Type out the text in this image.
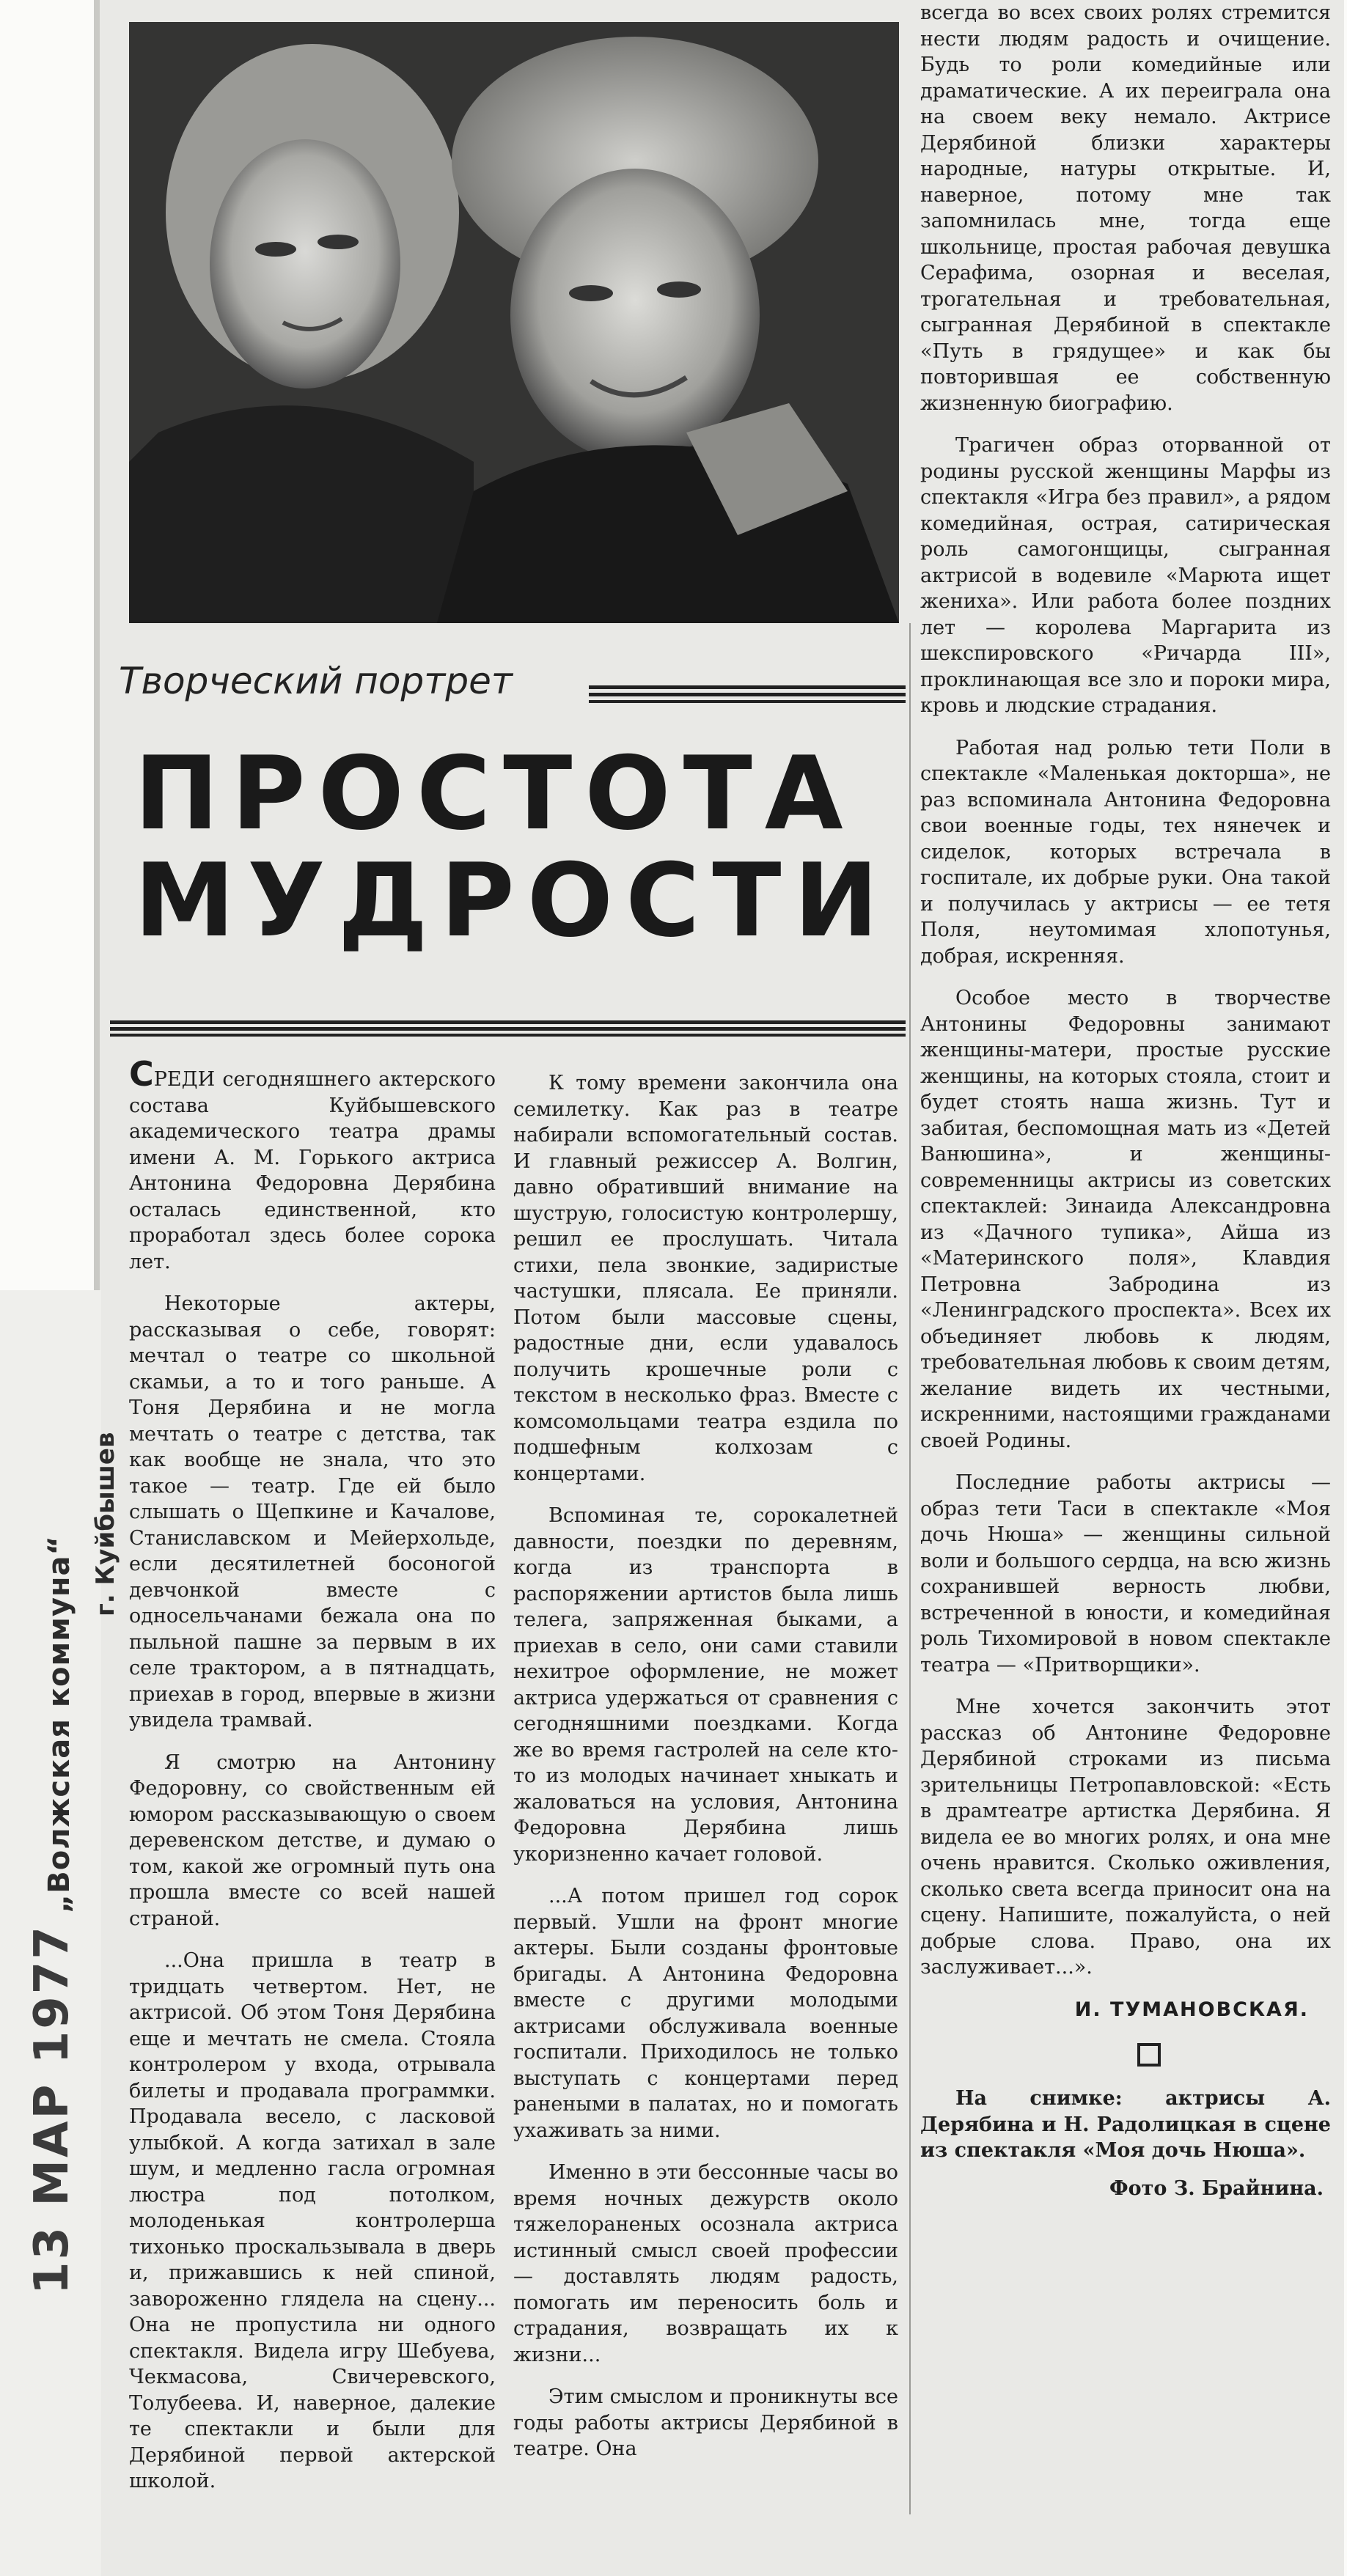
„Волжская коммуна“
г. Куйбышев
13 МАР 1977
Творческий портрет
ПРОСТОТА
МУДРОСТИ

СРЕДИ сегодняшнего актерского состава Куйбышевского академического театра драмы имени А. М. Горького актриса Антонина Федоровна Дерябина осталась единственной, кто проработал здесь более сорока лет.

Некоторые актеры, рассказывая о себе, говорят: мечтал о театре со школьной скамьи, а то и того раньше. А Тоня Дерябина и не могла мечтать о театре с детства, так как вообще не знала, что это такое — театр. Где ей было слышать о Щепкине и Качалове, Станиславском и Мейерхольде, если десятилетней босоногой девчонкой вместе с односельчанами бежала она по пыльной пашне за первым в их селе трактором, а в пятнадцать, приехав в город, впервые в жизни увидела трамвай.

Я смотрю на Антонину Федоровну, со свойственным ей юмором рассказывающую о своем деревенском детстве, и думаю о том, какой же огромный путь она прошла вместе со всей нашей страной.

...Она пришла в театр в тридцать четвертом. Нет, не актрисой. Об этом Тоня Дерябина еще и мечтать не смела. Стояла контролером у входа, отрывала билеты и продавала программки. Продавала весело, с ласковой улыбкой. А когда затихал в зале шум, и медленно гасла огромная люстра под потолком, молоденькая контролерша тихонько проскальзывала в дверь и, прижавшись к ней спиной, завороженно глядела на сцену... Она не пропустила ни одного спектакля. Видела игру Шебуева, Чекмасова, Свичеревского, Толубеева. И, наверное, далекие те спектакли и были для Дерябиной первой актерской школой.

К тому времени закончила она семилетку. Как раз в театре набирали вспомогательный состав. И главный режиссер А. Волгин, давно обративший внимание на шуструю, голосистую контролершу, решил ее прослушать. Читала стихи, пела звонкие, задиристые частушки, плясала. Ее приняли. Потом были массовые сцены, радостные дни, если удавалось получить крошечные роли с текстом в несколько фраз. Вместе с комсомольцами театра ездила по подшефным колхозам с концертами.

Вспоминая те, сорокалетней давности, поездки по деревням, когда из транспорта в распоряжении артистов была лишь телега, запряженная быками, а приехав в село, они сами ставили нехитрое оформление, не может актриса удержаться от сравнения с сегодняшними поездками. Когда же во время гастролей на селе кто-то из молодых начинает хныкать и жаловаться на условия, Антонина Федоровна Дерябина лишь укоризненно качает головой.

...А потом пришел год сорок первый. Ушли на фронт многие актеры. Были созданы фронтовые бригады. А Антонина Федоровна вместе с другими молодыми актрисами обслуживала военные госпитали. Приходилось не только выступать с концертами перед ранеными в палатах, но и помогать ухаживать за ними.

Именно в эти бессонные часы во время ночных дежурств около тяжелораненых осознала актриса истинный смысл своей профессии — доставлять людям радость, помогать им переносить боль и страдания, возвращать их к жизни...

Этим смыслом и проникнуты все годы работы актрисы Дерябиной в театре. Она

всегда во всех своих ролях стремится нести людям радость и очищение. Будь то роли комедийные или драматические. А их переиграла она на своем веку немало. Актрисе Дерябиной близки характеры народные, натуры открытые. И, наверное, потому мне так запомнилась мне, тогда еще школьнице, простая рабочая девушка Серафима, озорная и веселая, трогательная и требовательная, сыгранная Дерябиной в спектакле «Путь в грядущее» и как бы повторившая ее собственную жизненную биографию.

Трагичен образ оторванной от родины русской женщины Марфы из спектакля «Игра без правил», а рядом комедийная, острая, сатирическая роль самогонщицы, сыгранная актрисой в водевиле «Марюта ищет жениха». Или работа более поздних лет — королева Маргарита из шекспировского «Ричарда III», проклинающая все зло и пороки мира, кровь и людские страдания.

Работая над ролью тети Поли в спектакле «Маленькая докторша», не раз вспоминала Антонина Федоровна свои военные годы, тех нянечек и сиделок, которых встречала в госпитале, их добрые руки. Она такой и получилась у актрисы — ее тетя Поля, неутомимая хлопотунья, добрая, искренняя.

Особое место в творчестве Антонины Федоровны занимают женщины-матери, простые русские женщины, на которых стояла, стоит и будет стоять наша жизнь. Тут и забитая, беспомощная мать из «Детей Ванюшина», и женщины-современницы актрисы из советских спектаклей: Зинаида Александровна из «Дачного тупика», Айша из «Материнского поля», Клавдия Петровна Забродина из «Ленинградского проспекта». Всех их объединяет любовь к людям, требовательная любовь к своим детям, желание видеть их честными, искренними, настоящими гражданами своей Родины.

Последние работы актрисы — образ тети Таси в спектакле «Моя дочь Нюша» — женщины сильной воли и большого сердца, на всю жизнь сохранившей верность любви, встреченной в юности, и комедийная роль Тихомировой в новом спектакле театра — «Притворщики».

Мне хочется закончить этот рассказ об Антонине Федоровне Дерябиной строками из письма зрительницы Петропавловской: «Есть в драмтеатре артистка Дерябина. Я видела ее во многих ролях, и она мне очень нравится. Сколько оживления, сколько света всегда приносит она на сцену. Напишите, пожалуйста, о ней добрые слова. Право, она их заслуживает...».

И. ТУМАНОВСКАЯ.

На снимке: актрисы А. Дерябина и Н. Радолицкая в сцене из спектакля «Моя дочь Нюша».

Фото З. Брайнина.
